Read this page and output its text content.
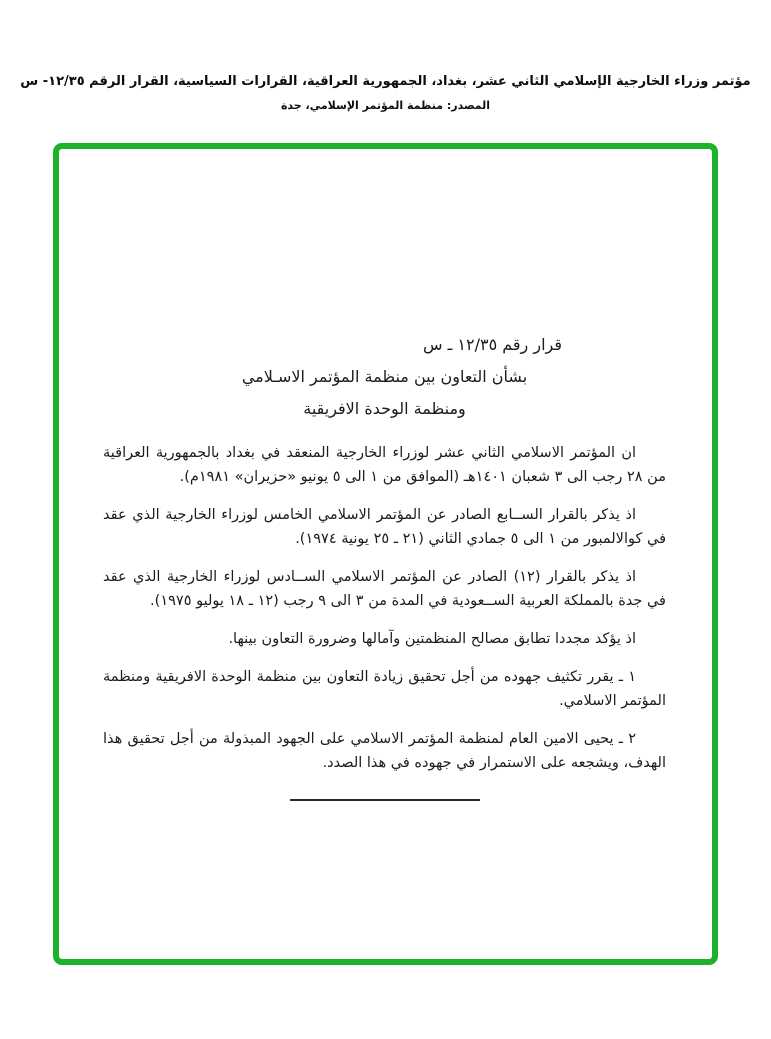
مؤتمر وزراء الخارجية الإسلامي الثاني عشر، بغداد، الجمهورية العراقية، القرارات السياسية، القرار الرقم ١٢/٣٥- س
المصدر: منظمة المؤتمر الإسلامي، جدة
قرار رقم ١٢/٣٥ ـ س
بشأن التعاون بين منظمة المؤتمر الاسـلامي
ومنظمة الوحدة الافريقية

ان المؤتمر الاسلامي الثاني عشر لوزراء الخارجية المنعقد في بغداد بالجمهورية العراقية من ٢٨ رجب الى ٣ شعبان ١٤٠١هـ (الموافق من ١ الى ٥ يونيو «حزيران» ١٩٨١م).

اذ يذكر بالقرار الســابع الصادر عن المؤتمر الاسلامي الخامس لوزراء الخارجية الذي عقد في كوالالمبور من ١ الى ٥ جمادي الثاني (٢١ ـ ٢٥ يونية ١٩٧٤).

اذ يذكر بالقرار (١٢) الصادر عن المؤتمر الاسلامي الســادس لوزراء الخارجية الذي عقد في جدة بالمملكة العربية الســعودية في المدة من ٣ الى ٩ رجب (١٢ ـ ١٨ يوليو ١٩٧٥).

اذ يؤكد مجددا تطابق مصالح المنظمتين وآمالها وضرورة التعاون بينها.

١ ـ يقرر تكثيف جهوده من أجل تحقيق زيادة التعاون بين منظمة الوحدة الافريقية ومنظمة المؤتمر الاسلامي.

٢ ـ يحيى الامين العام لمنظمة المؤتمر الاسلامي على الجهود المبذولة من أجل تحقيق هذا الهدف، ويشجعه على الاستمرار في جهوده في هذا الصدد.
